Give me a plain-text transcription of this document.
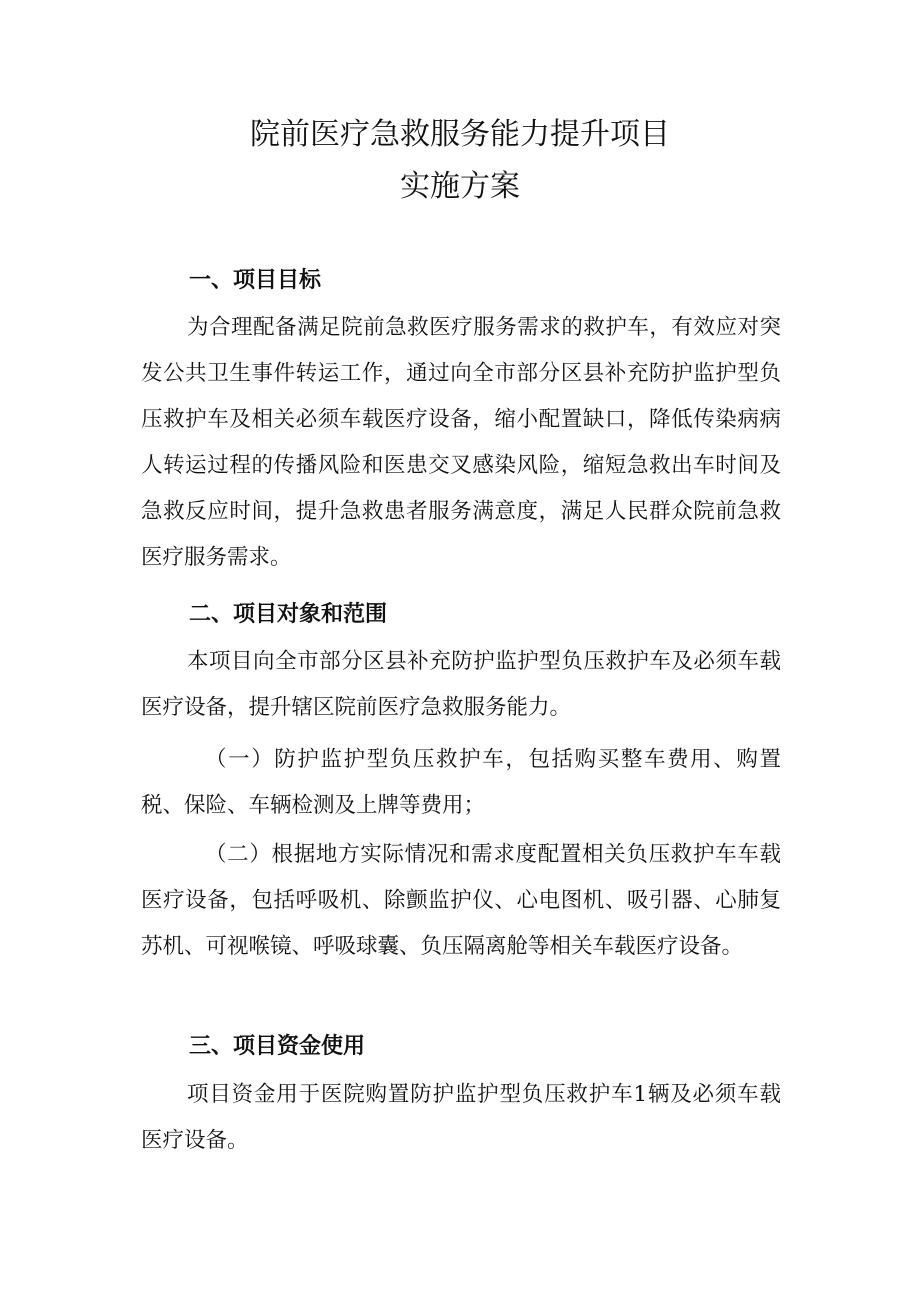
院前医疗急救服务能力提升项目
实施方案
一、项目目标

为合理配备满足院前急救医疗服务需求的救护车，有效应对突发公共卫生事件转运工作，通过向全市部分区县补充防护监护型负压救护车及相关必须车载医疗设备，缩小配置缺口，降低传染病病人转运过程的传播风险和医患交叉感染风险，缩短急救出车时间及急救反应时间，提升急救患者服务满意度，满足人民群众院前急救医疗服务需求。

二、项目对象和范围

本项目向全市部分区县补充防护监护型负压救护车及必须车载医疗设备，提升辖区院前医疗急救服务能力。

（一）防护监护型负压救护车，包括购买整车费用、购置税、保险、车辆检测及上牌等费用；

（二）根据地方实际情况和需求度配置相关负压救护车车载医疗设备，包括呼吸机、除颤监护仪、心电图机、吸引器、心肺复苏机、可视喉镜、呼吸球囊、负压隔离舱等相关车载医疗设备。

三、项目资金使用

项目资金用于医院购置防护监护型负压救护车1辆及必须车载医疗设备。
